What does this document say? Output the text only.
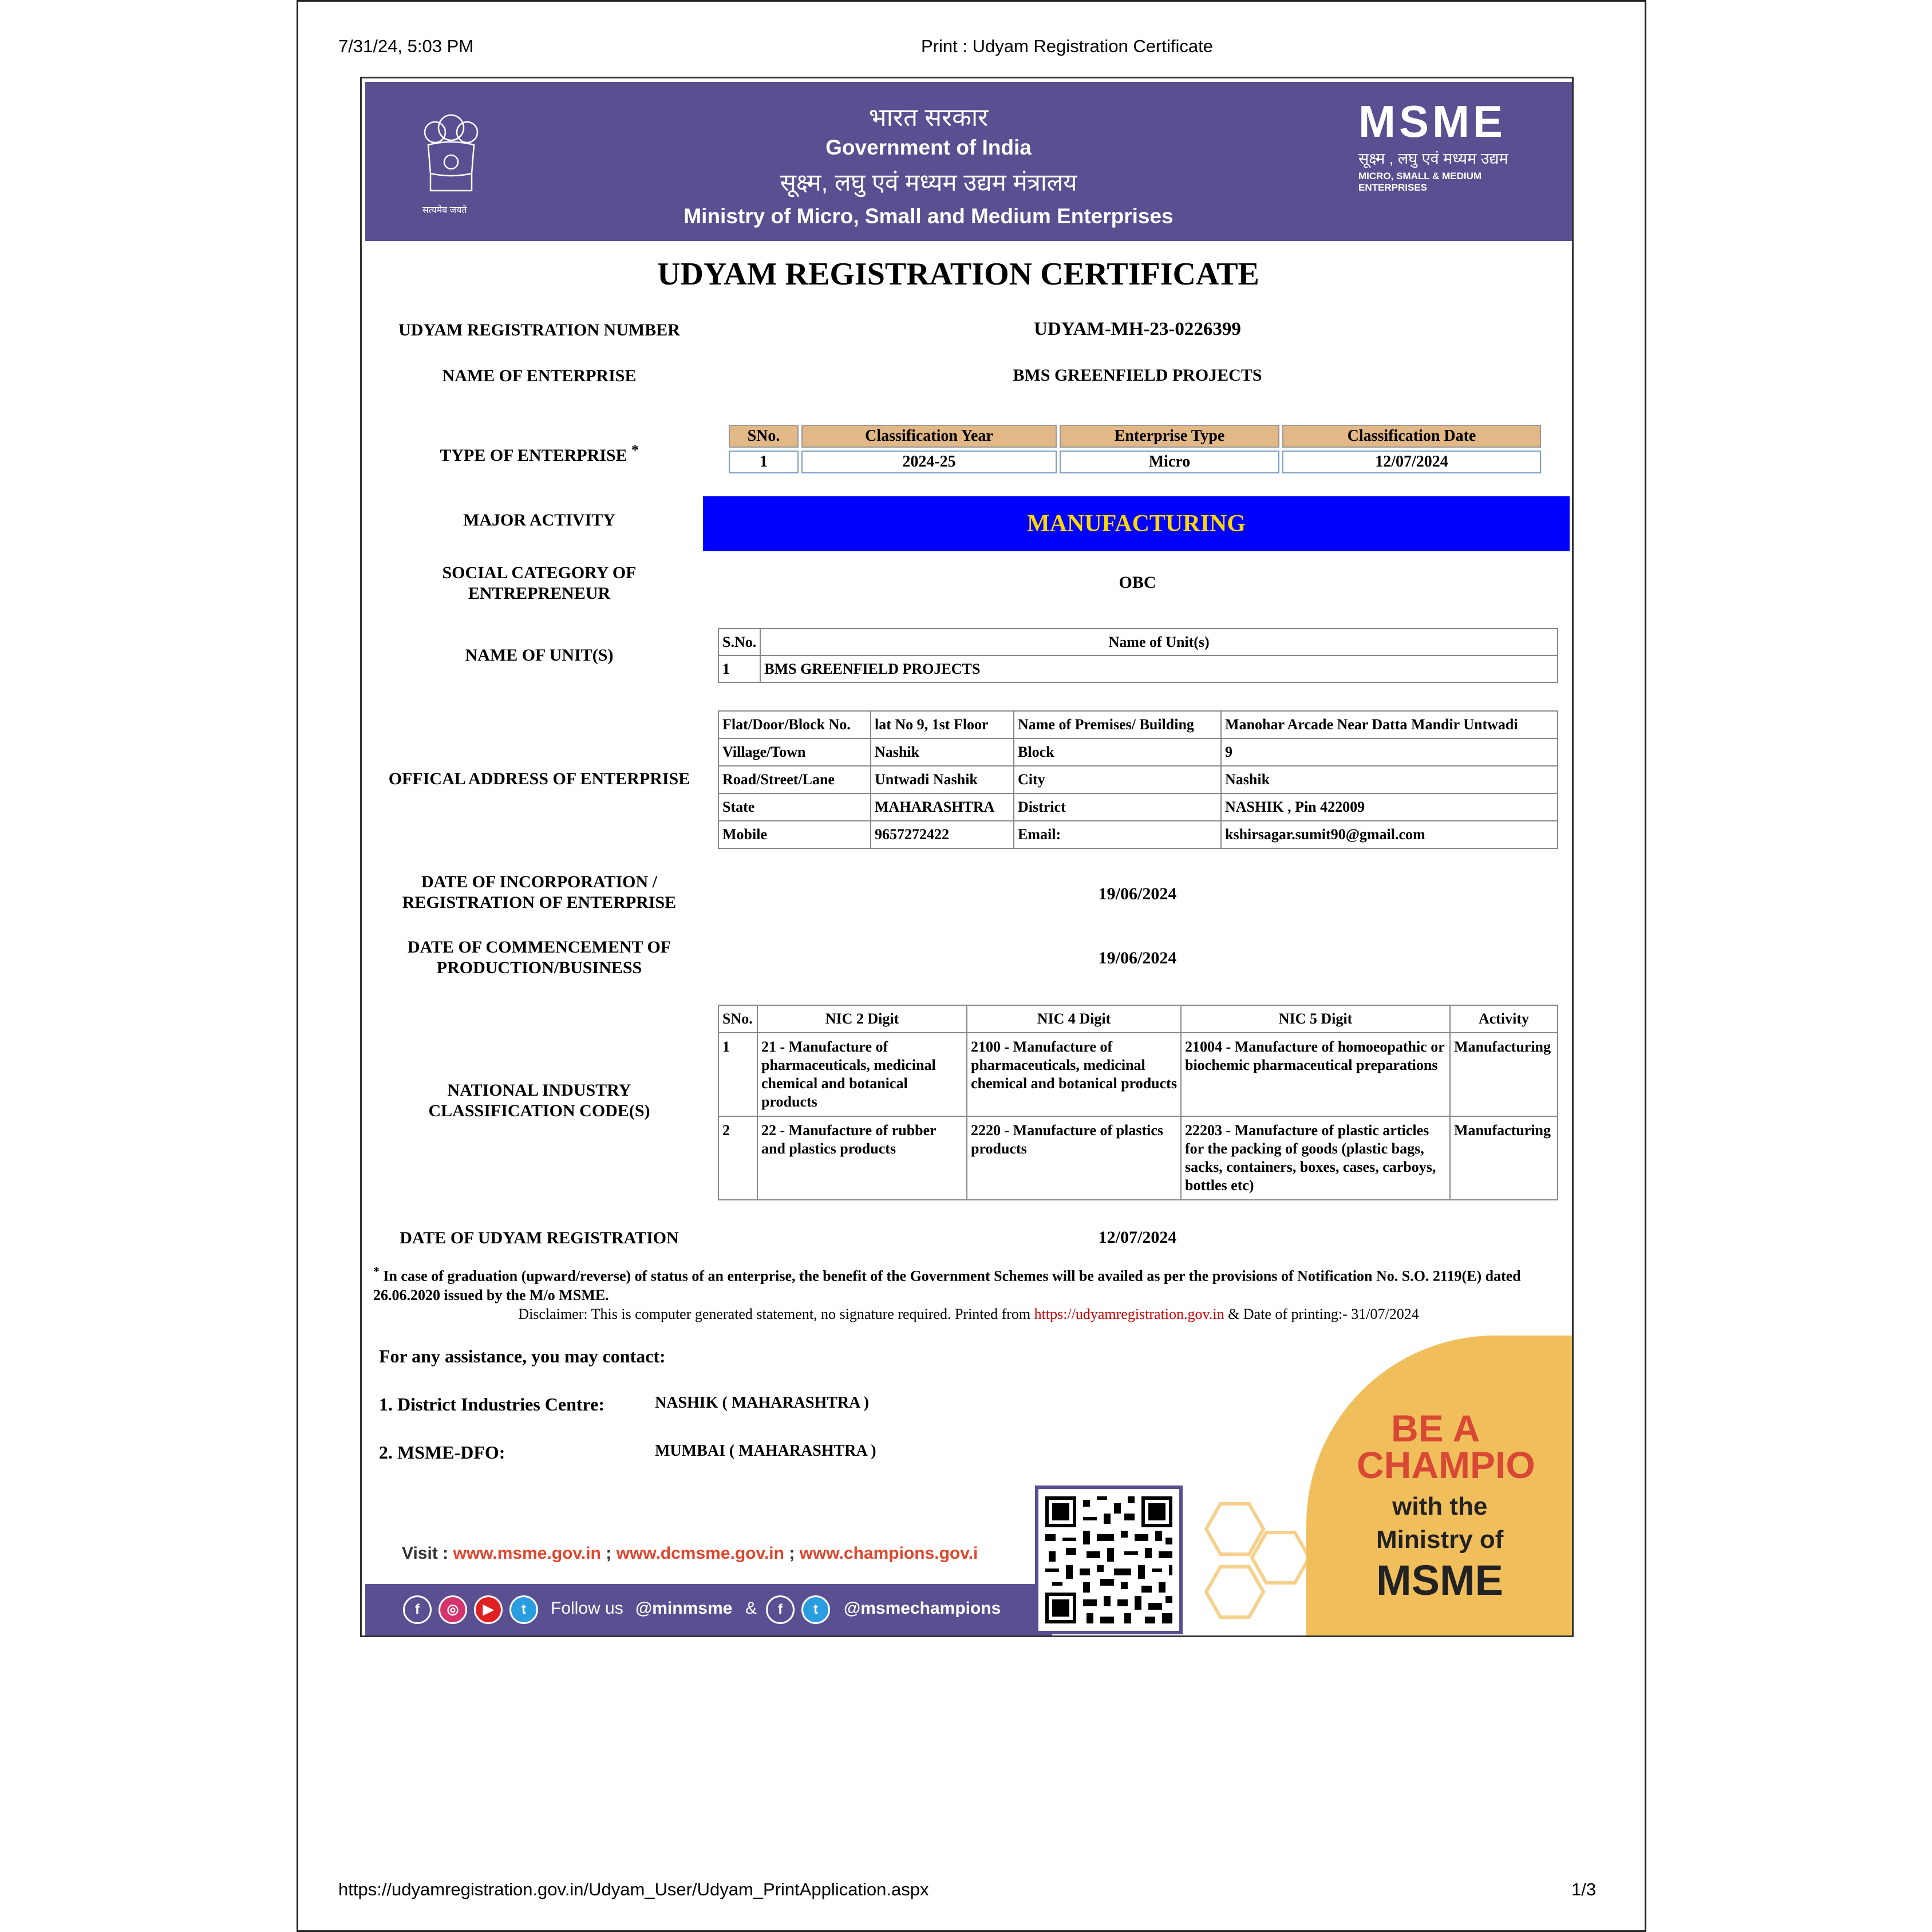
7/31/24, 5:03 PM	Print : Udyam Registration Certificate
https://udyamregistration.gov.in/Udyam_User/Udyam_PrintApplication.aspx	1/3
सत्यमेव जयते
भारत सरकार
Government of India
सूक्ष्म, लघु एवं मध्यम उद्यम मंत्रालय
Ministry of Micro, Small and Medium Enterprises
MSME
सूक्ष्म , लघु एवं मध्यम उद्यम
MICRO, SMALL & MEDIUM ENTERPRISES
UDYAM REGISTRATION CERTIFICATE
UDYAM REGISTRATION NUMBER	UDYAM-MH-23-0226399
NAME OF ENTERPRISE	BMS GREENFIELD PROJECTS
TYPE OF ENTERPRISE *
SNo.	Classification Year	Enterprise Type	Classification Date
1	2024-25	Micro	12/07/2024
MAJOR ACTIVITY	MANUFACTURING
SOCIAL CATEGORY OF
ENTREPRENEUR
OBC
NAME OF UNIT(S)
S.No.	Name of Unit(s)
1	BMS GREENFIELD PROJECTS
OFFICAL ADDRESS OF ENTERPRISE
Flat/Door/Block No.	lat No 9, 1st Floor	Name of Premises/ Building	Manohar Arcade Near Datta Mandir Untwadi
Village/Town	Nashik	Block	9
Road/Street/Lane	Untwadi Nashik	City	Nashik
State	MAHARASHTRA	District	NASHIK , Pin 422009
Mobile	9657272422	Email:	kshirsagar.sumit90@gmail.com
DATE OF INCORPORATION /
REGISTRATION OF ENTERPRISE	19/06/2024
DATE OF COMMENCEMENT OF
PRODUCTION/BUSINESS
19/06/2024
NATIONAL INDUSTRY
CLASSIFICATION CODE(S)
SNo.	NIC 2 Digit	NIC 4 Digit	NIC 5 Digit	Activity
1	21 - Manufacture of pharmaceuticals, medicinal chemical and botanical products	2100 - Manufacture of pharmaceuticals, medicinal chemical and botanical products	21004 - Manufacture of homoeopathic or biochemic pharmaceutical preparations	Manufacturing
2	22 - Manufacture of rubber and plastics products	2220 - Manufacture of plastics products	22203 - Manufacture of plastic articles for the packing of goods (plastic bags, sacks, containers, boxes, cases, carboys, bottles etc)	Manufacturing
DATE OF UDYAM REGISTRATION	12/07/2024
* In case of graduation (upward/reverse) of status of an enterprise, the benefit of the Government Schemes will be availed as per the provisions of Notification No. S.O. 2119(E) dated 26.06.2020 issued by the M/o MSME.
Disclaimer: This is computer generated statement, no signature required. Printed from https://udyamregistration.gov.in & Date of printing:- 31/07/2024
For any assistance, you may contact:
1. District Industries Centre:	NASHIK ( MAHARASHTRA )
2. MSME-DFO:	MUMBAI ( MAHARASHTRA )
BE A
CHAMPIO
with the
Ministry of
MSME
Visit : www.msme.gov.in ; www.dcmsme.gov.in ; www.champions.gov.i
f	◎	▶	t	Follow us @minmsme &	f	t	@msmechampions
